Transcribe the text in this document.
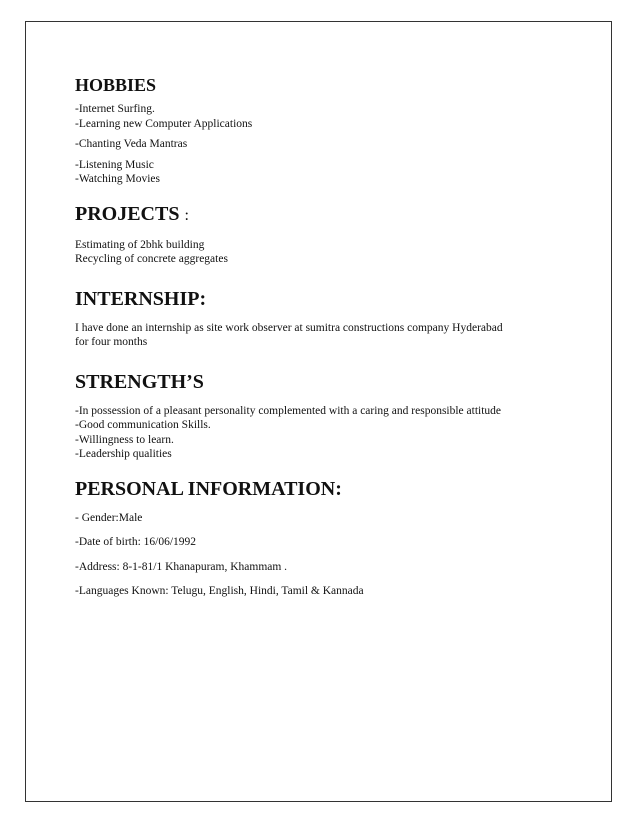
HOBBIES

-Internet Surfing.

-Learning new Computer Applications

-Chanting Veda Mantras

-Listening Music

-Watching Movies

PROJECTS :

Estimating of 2bhk building

Recycling of concrete aggregates

INTERNSHIP:

I have done an internship as site work observer at sumitra constructions company Hyderabad

for four months

STRENGTH’S

-In possession of a pleasant personality complemented with a caring and responsible attitude

-Good communication Skills.

-Willingness to learn.

-Leadership qualities

PERSONAL INFORMATION:

- Gender:Male

-Date of birth: 16/06/1992

-Address: 8-1-81/1 Khanapuram, Khammam .

-Languages Known: Telugu, English, Hindi, Tamil & Kannada
